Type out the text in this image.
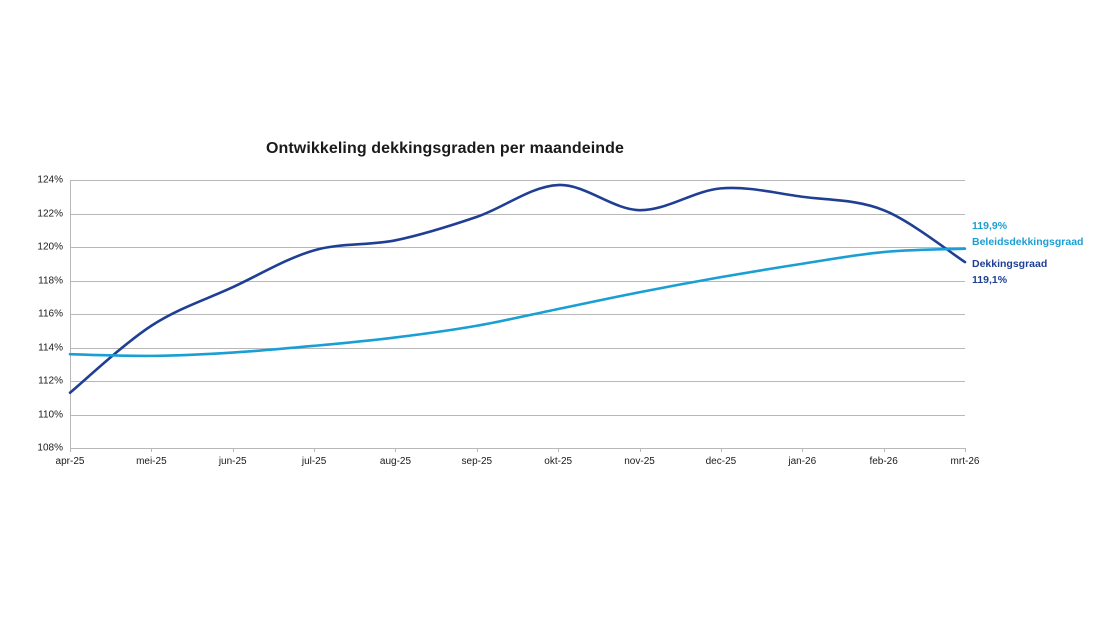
Ontwikkeling dekkingsgraden per maandeinde
108%
110%
112%
114%
116%
118%
120%
122%
124%
apr-25	mei-25	jun-25	jul-25	aug-25	sep-25	okt-25	nov-25	dec-25	jan-26	feb-26	mrt-26
119,9%
Beleidsdekkingsgraad
Dekkingsgraad
119,1%
